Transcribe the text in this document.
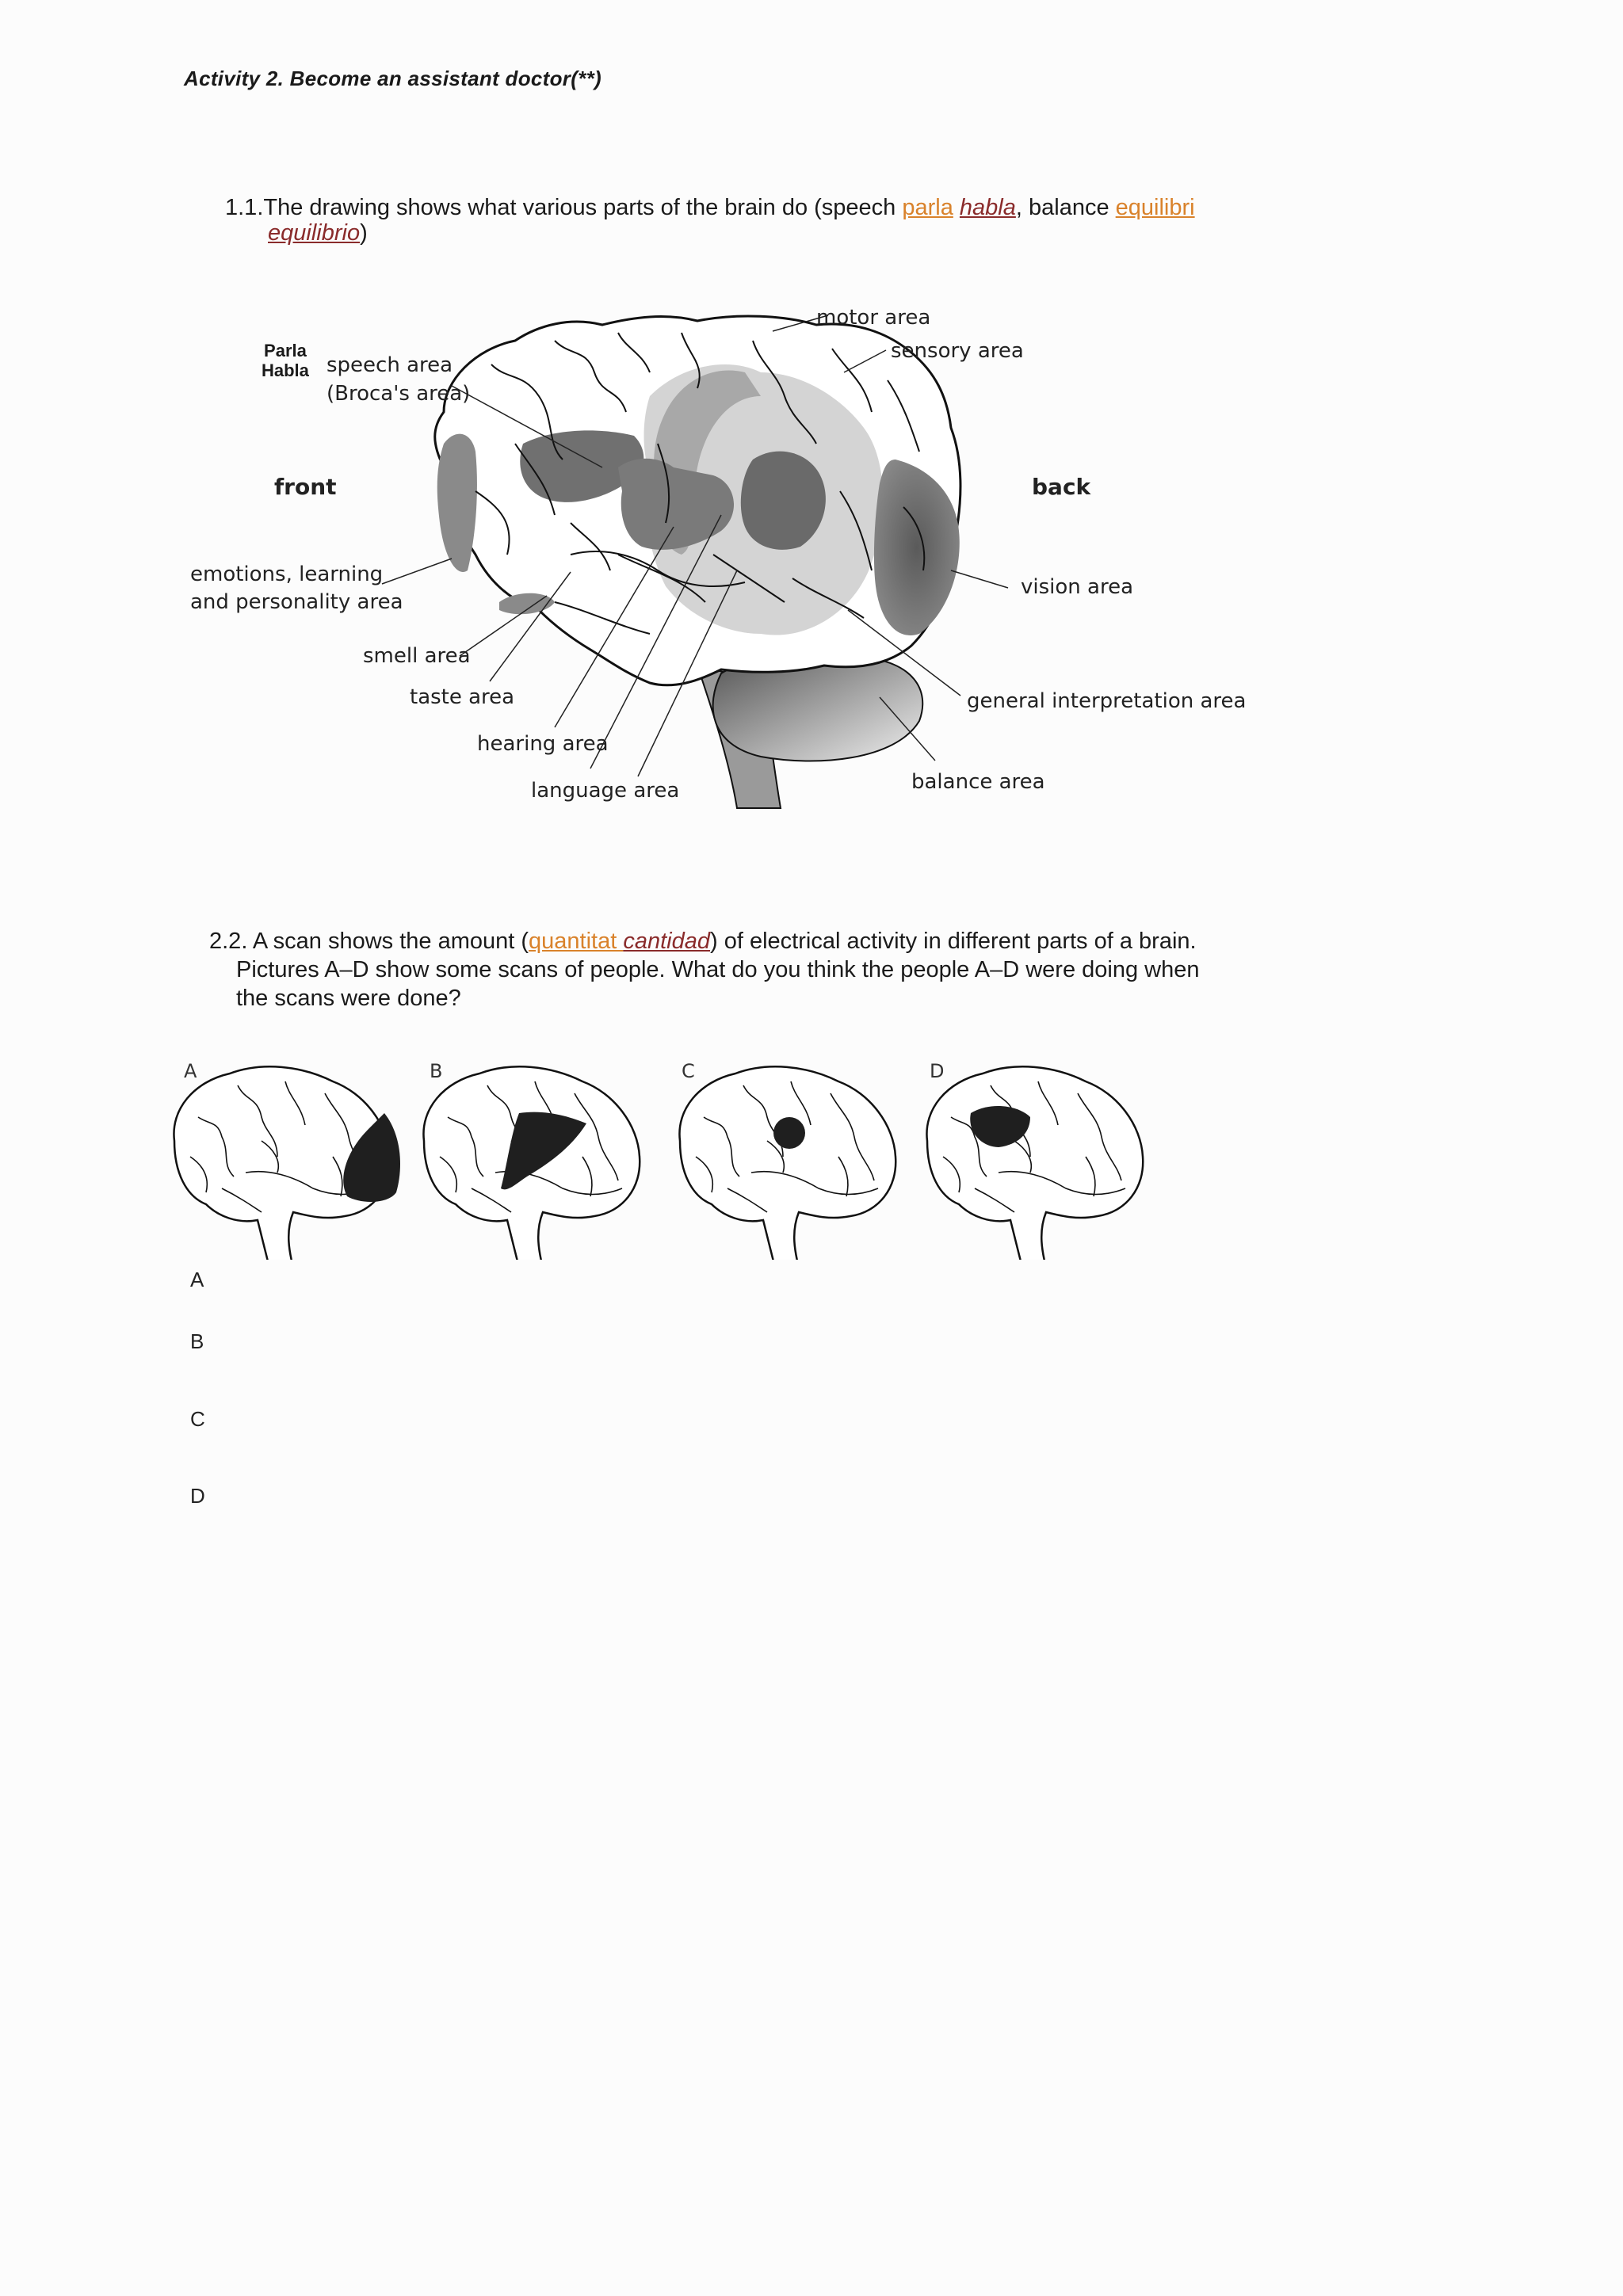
Activity 2. Become an assistant doctor(**)
1.1.The drawing shows what various parts of the brain do (speech parla habla, balance equilibri
equilibrio)
Parla
Habla speech area
(Broca's area)
front	back
motor area
sensory area
emotions, learning
and personality area
vision area
smell area
taste area
hearing area
language area
general interpretation area
balance area
2.2. A scan shows the amount (quantitat cantidad) of electrical activity in different parts of a brain.
Pictures A–D show some scans of people. What do you think the people A–D were doing when
the scans were done?
A	B	C	D
A
B
C
D
